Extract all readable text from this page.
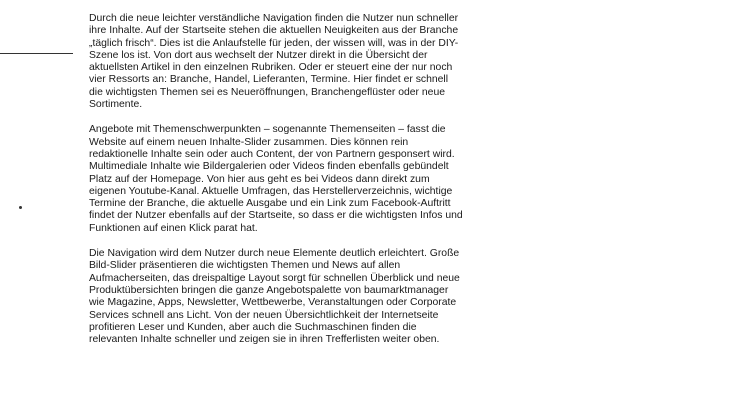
Durch die neue leichter verständliche Navigation finden die Nutzer nun schneller
ihre Inhalte. Auf der Startseite stehen die aktuellen Neuigkeiten aus der Branche
„täglich frisch“. Dies ist die Anlaufstelle für jeden, der wissen will, was in der DIY-
Szene los ist. Von dort aus wechselt der Nutzer direkt in die Übersicht der
aktuellsten Artikel in den einzelnen Rubriken. Oder er steuert eine der nur noch
vier Ressorts an: Branche, Handel, Lieferanten, Termine. Hier findet er schnell
die wichtigsten Themen sei es Neueröffnungen, Branchengeflüster oder neue
Sortimente.

Angebote mit Themenschwerpunkten – sogenannte Themenseiten – fasst die
Website auf einem neuen Inhalte-Slider zusammen. Dies können rein
redaktionelle Inhalte sein oder auch Content, der von Partnern gesponsert wird.
Multimediale Inhalte wie Bildergalerien oder Videos finden ebenfalls gebündelt
Platz auf der Homepage. Von hier aus geht es bei Videos dann direkt zum
eigenen Youtube-Kanal. Aktuelle Umfragen, das Herstellerverzeichnis, wichtige
Termine der Branche, die aktuelle Ausgabe und ein Link zum Facebook-Auftritt
findet der Nutzer ebenfalls auf der Startseite, so dass er die wichtigsten Infos und
Funktionen auf einen Klick parat hat.

Die Navigation wird dem Nutzer durch neue Elemente deutlich erleichtert. Große
Bild-Slider präsentieren die wichtigsten Themen und News auf allen
Aufmacherseiten, das dreispaltige Layout sorgt für schnellen Überblick und neue
Produktübersichten bringen die ganze Angebotspalette von baumarktmanager
wie Magazine, Apps, Newsletter, Wettbewerbe, Veranstaltungen oder Corporate
Services schnell ans Licht. Von der neuen Übersichtlichkeit der Internetseite
profitieren Leser und Kunden, aber auch die Suchmaschinen finden die
relevanten Inhalte schneller und zeigen sie in ihren Trefferlisten weiter oben.
